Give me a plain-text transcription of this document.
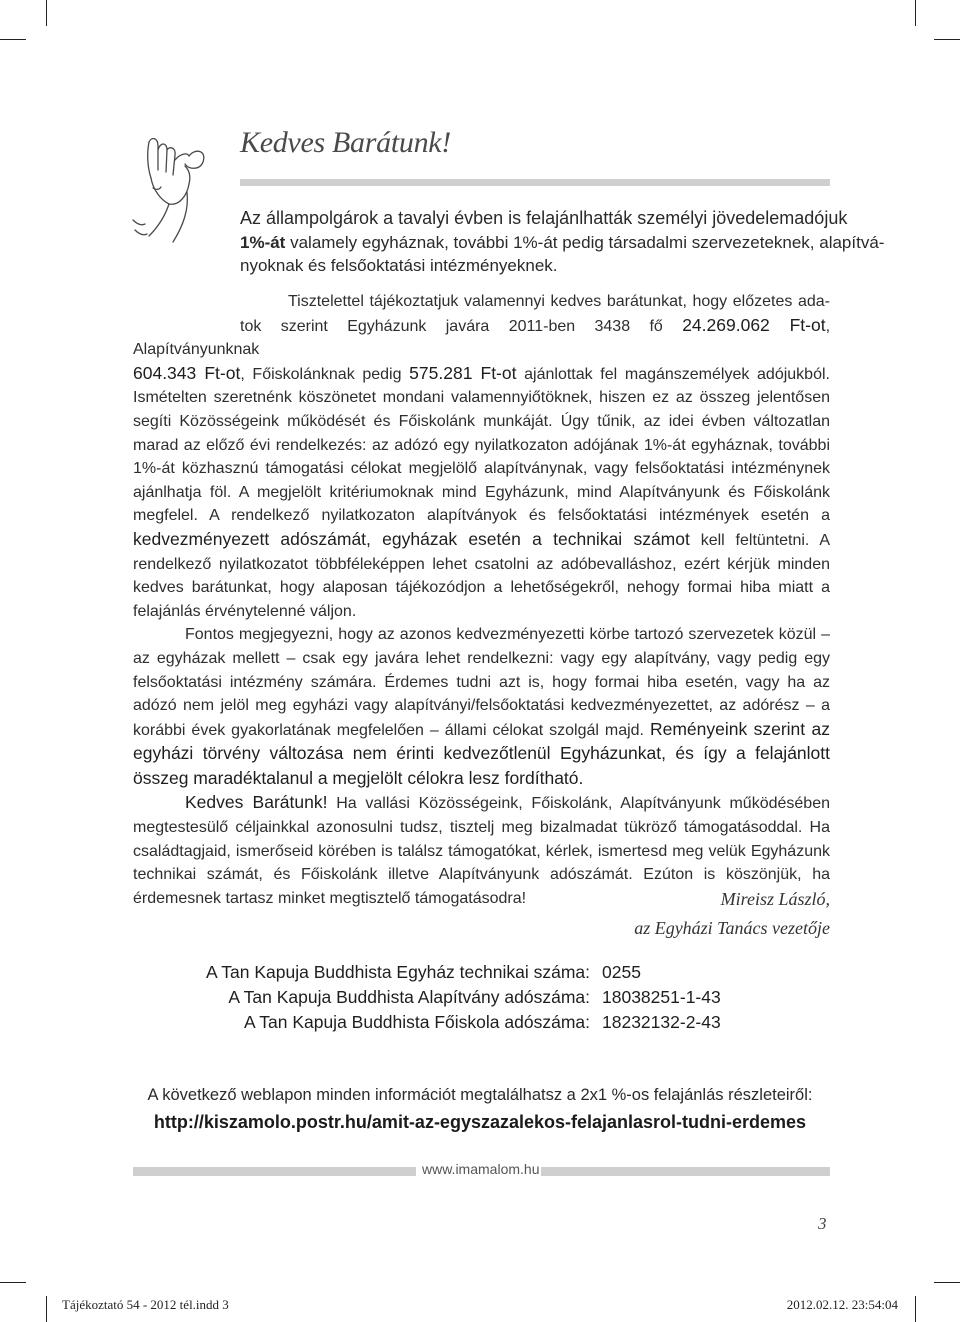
Kedves Barátunk!

Az állampolgárok a tavalyi évben is felajánlhatták személyi jövedelemadójuk

1%-át valamely egyháznak, további 1%-át pedig társadalmi szervezeteknek, alapítvá-

nyoknak és felsőoktatási intézményeknek.

Tisztelettel tájékoztatjuk valamennyi kedves barátunkat, hogy előzetes ada-

tok szerint Egyházunk javára 2011-ben 3438 fő 24.269.062 Ft-ot, Alapítványunknak

604.343 Ft-ot, Főiskolánknak pedig 575.281 Ft-ot ajánlottak fel magánszemélyek adójukból.

Ismételten szeretnénk köszönetet mondani valamennyiőtöknek, hiszen ez az összeg jelentősen segíti Közösségeink működését és Főiskolánk munkáját. Úgy tűnik, az idei évben változatlan marad az előző évi rendelkezés: az adózó egy nyilatkozaton adójának 1%-át egyháznak, további 1%-át közhasznú támogatási célokat megjelölő alapítványnak, vagy felsőoktatási intézménynek ajánlhatja föl. A megjelölt kritériumoknak mind Egyházunk, mind Alapítványunk és Főiskolánk megfelel. A rendelkező nyilatkozaton alapítványok és felsőoktatási intézmények esetén a kedvezményezett adószámát, egyházak esetén a technikai számot kell feltüntetni. A rendelkező nyilatkozatot többféleképpen lehet csatolni az adóbevalláshoz, ezért kérjük minden kedves barátunkat, hogy alaposan tájékozódjon a lehetőségekről, nehogy formai hiba miatt a felajánlás érvénytelenné váljon.

Fontos megjegyezni, hogy az azonos kedvezményezetti körbe tartozó szervezetek közül – az egyházak mellett – csak egy javára lehet rendelkezni: vagy egy alapítvány, vagy pedig egy felsőoktatási intézmény számára. Érdemes tudni azt is, hogy formai hiba esetén, vagy ha az adózó nem jelöl meg egyházi vagy alapítványi/felsőoktatási kedvezményezettet, az adórész – a korábbi évek gyakorlatának megfelelően – állami célokat szolgál majd. Reményeink szerint az egyházi törvény változása nem érinti kedvezőtlenül Egyházunkat, és így a felajánlott összeg maradéktalanul a megjelölt célokra lesz fordítható.

Kedves Barátunk! Ha vallási Közösségeink, Főiskolánk, Alapítványunk működésében megtestesülő céljainkkal azonosulni tudsz, tisztelj meg bizalmadat tükröző támogatásoddal. Ha családtagjaid, ismerőseid körében is találsz támogatókat, kérlek, ismertesd meg velük Egyházunk technikai számát, és Főiskolánk illetve Alapítványunk adószámát. Ezúton is köszönjük, ha érdemesnek tartasz minket megtisztelő támogatásodra!	Mireisz László,
az Egyházi Tanács vezetője
A Tan Kapuja Buddhista Egyház technikai száma: 0255
A Tan Kapuja Buddhista Alapítvány adószáma: 18038251-1-43
A Tan Kapuja Buddhista Főiskola adószáma: 18232132-2-43
A következő weblapon minden információt megtalálhatsz a 2x1 %-os felajánlás részleteiről:
http://kiszamolo.postr.hu/amit-az-egyszazalekos-felajanlasrol-tudni-erdemes
www.imamalom.hu
3
Tájékoztató 54 - 2012 tél.indd 3	2012.02.12. 23:54:04
